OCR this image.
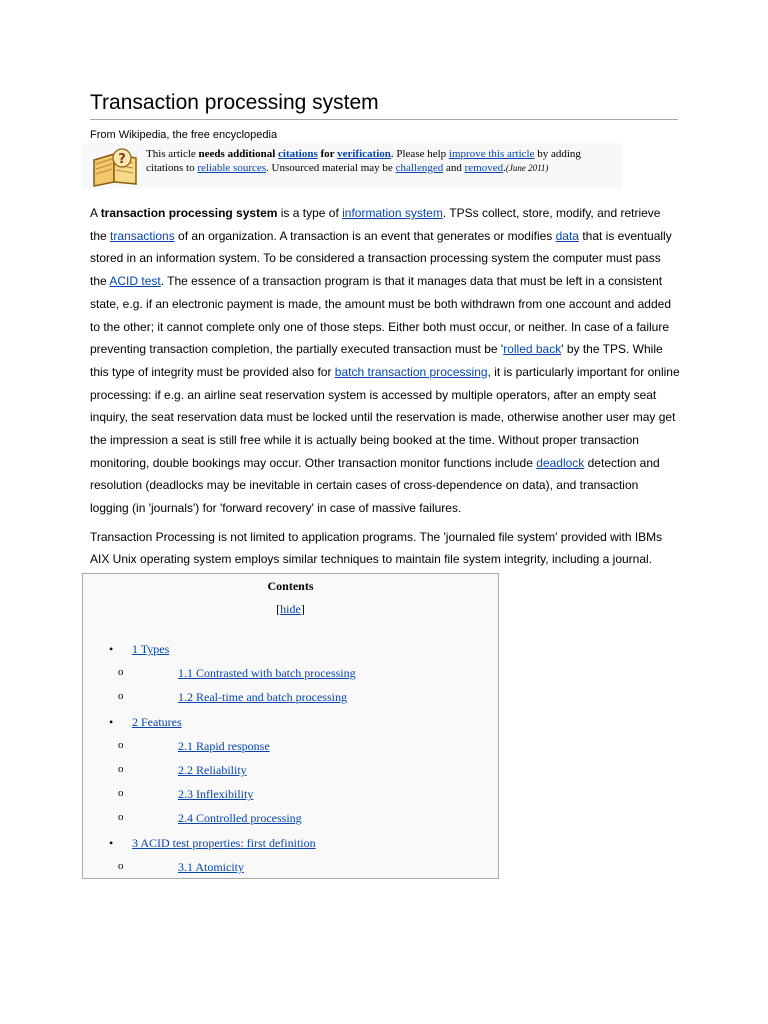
Transaction processing system
From Wikipedia, the free encyclopedia
? This article needs additional citations for verification. Please help improve this article by adding citations to reliable sources. Unsourced material may be challenged and removed.(June 2011)

A transaction processing system is a type of information system. TPSs collect, store, modify, and retrieve the transactions of an organization. A transaction is an event that generates or modifies data that is eventually stored in an information system. To be considered a transaction processing system the computer must pass the ACID test. The essence of a transaction program is that it manages data that must be left in a consistent state, e.g. if an electronic payment is made, the amount must be both withdrawn from one account and added to the other; it cannot complete only one of those steps. Either both must occur, or neither. In case of a failure preventing transaction completion, the partially executed transaction must be 'rolled back' by the TPS. While this type of integrity must be provided also for batch transaction processing, it is particularly important for online processing: if e.g. an airline seat reservation system is accessed by multiple operators, after an empty seat inquiry, the seat reservation data must be locked until the reservation is made, otherwise another user may get the impression a seat is still free while it is actually being booked at the time. Without proper transaction monitoring, double bookings may occur. Other transaction monitor functions include deadlock detection and resolution (deadlocks may be inevitable in certain cases of cross-dependence on data), and transaction logging (in 'journals') for 'forward recovery' in case of massive failures.

Transaction Processing is not limited to application programs. The 'journaled file system' provided with IBMs AIX Unix operating system employs similar techniques to maintain file system integrity, including a journal.

Contents
[hide]
• 1 Types
o	1.1 Contrasted with batch processing
o	1.2 Real-time and batch processing
• 2 Features
o	2.1 Rapid response
o	2.2 Reliability
o	2.3 Inflexibility
o	2.4 Controlled processing
• 3 ACID test properties: first definition
o	3.1 Atomicity
